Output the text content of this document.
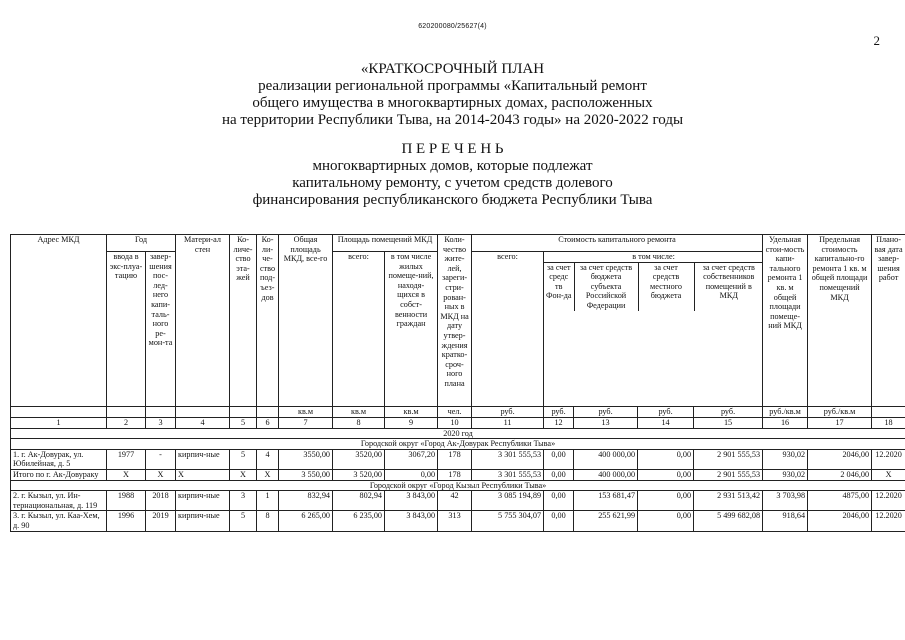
620200080/25627(4)
2
«КРАТКОСРОЧНЫЙ ПЛАН
реализации региональной программы «Капитальный ремонт
общего имущества в многоквартирных домах, расположенных
на территории Республики Тыва, на 2014-2043 годы» на 2020-2022 годы
П Е Р Е Ч Е Н Ь
многоквартирных домов, которые подлежат
капитальному ремонту, с учетом средств долевого
финансирования республиканского бюджета Республики Тыва
Адрес МКД	Год	Матери-ал стен	Ко-личе-ство эта-жей	Ко-ли-че-ство под-ъез-дов	Общая площадь МКД, все-го	Площадь помещений МКД	Коли-чество жите-лей, зареги-стри-рован-ных в МКД на дату утвер-ждения кратко-сроч-ного плана	Стоимость капитального ремонта	Удельная стои-мость капи-тального ремонта 1 кв. м общей площади помеще-ний МКД	Предельная стоимость капитально-го ремонта 1 кв. м общей площади помещений МКД	Плано-вая дата завер-шения работ
ввода в экс-плуа-тацию	завер-шения пос-лед-него капи-таль-ного ре-мон-та	всего:	в том числе жилых помеще-ний, находя-щихся в собст-венности граждан	всего:		в том числе:
за счет средс тв Фон-да	за счет средств бюджета субъекта Российской Федерации	за счет средств местного бюджета	за счет средств собственников помещений в МКД

						кв.м	кв.м	кв.м	чел.	руб.	руб.	руб.	руб.	руб.	руб./кв.м	руб./кв.м	
1	2	3	4	5	6	7	8	9	10	11	12	13	14	15	16	17	18
2020 год
Городской округ «Город Ак-Довурак Республики Тыва»
1. г. Ак-Довурак, ул. Юбилейная, д. 5	1977	-	кирпич-ные	5	4	3550,00	3520,00	3067,20	178	3 301 555,53	0,00	400 000,00	0,00	2 901 555,53	930,02	2046,00	12.2020
Итого по г. Ак-Довураку	Х	Х	Х	Х	Х	3 550,00	3 520,00	0,00	178	3 301 555,53	0,00	400 000,00	0,00	2 901 555,53	930,02	2 046,00	Х
Городской округ «Город Кызыл Республики Тыва»
2. г. Кызыл, ул. Ин-тернациональная, д. 119	1988	2018	кирпич-ные	3	1	832,94	802,94	3 843,00	42	3 085 194,89	0,00	153 681,47	0,00	2 931 513,42	3 703,98	4875,00	12.2020
3. г. Кызыл, ул. Каа-Хем, д. 90	1996	2019	кирпич-ные	5	8	6 265,00	6 235,00	3 843,00	313	5 755 304,07	0,00	255 621,99	0,00	5 499 682,08	918,64	2046,00	12.2020
